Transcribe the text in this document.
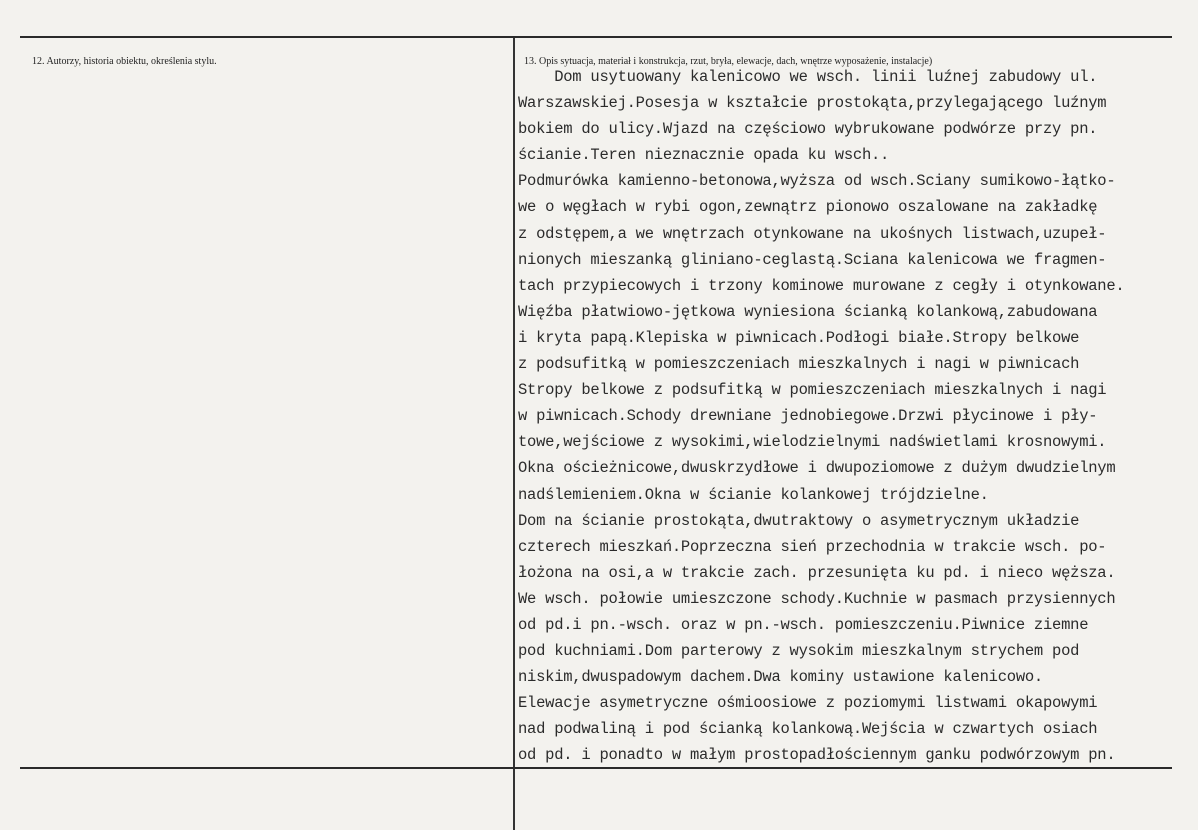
12. Autorzy, historia obiektu, określenia stylu.	13. Opis sytuacja, materiał i konstrukcja, rzut, bryła, elewacje, dach, wnętrze wyposażenie, instalacje)
Dom usytuowany kalenicowo we wsch. linii luźnej zabudowy ul.
Warszawskiej.Posesja w kształcie prostokąta,przylegającego luźnym
bokiem do ulicy.Wjazd na częściowo wybrukowane podwórze przy pn.
ścianie.Teren nieznacznie opada ku wsch..
Podmurówka kamienno-betonowa,wyższa od wsch.Sciany sumikowo-łątko-
we o węgłach w rybi ogon,zewnątrz pionowo oszalowane na zakładkę
z odstępem,a we wnętrzach otynkowane na ukośnych listwach,uzupeł-
nionych mieszanką gliniano-ceglastą.Sciana kalenicowa we fragmen-
tach przypiecowych i trzony kominowe murowane z cegły i otynkowane.
Więźba płatwiowo-jętkowa wyniesiona ścianką kolankową,zabudowana
i kryta papą.Klepiska w piwnicach.Podłogi białe.Stropy belkowe
z podsufitką w pomieszczeniach mieszkalnych i nagi w piwnicach
Stropy belkowe z podsufitką w pomieszczeniach mieszkalnych i nagi
w piwnicach.Schody drewniane jednobiegowe.Drzwi płycinowe i pły-
towe,wejściowe z wysokimi,wielodzielnymi nadświetlami krosnowymi.
Okna ościeżnicowe,dwuskrzydłowe i dwupoziomowe z dużym dwudzielnym
nadślemieniem.Okna w ścianie kolankowej trójdzielne.
Dom na ścianie prostokąta,dwutraktowy o asymetrycznym układzie
czterech mieszkań.Poprzeczna sień przechodnia w trakcie wsch. po-
łożona na osi,a w trakcie zach. przesunięta ku pd. i nieco węższa.
We wsch. połowie umieszczone schody.Kuchnie w pasmach przysiennych
od pd.i pn.-wsch. oraz w pn.-wsch. pomieszczeniu.Piwnice ziemne
pod kuchniami.Dom parterowy z wysokim mieszkalnym strychem pod
niskim,dwuspadowym dachem.Dwa kominy ustawione kalenicowo.
Elewacje asymetryczne ośmioosiowe z poziomymi listwami okapowymi
nad podwaliną i pod ścianką kolankową.Wejścia w czwartych osiach
od pd. i ponadto w małym prostopadłościennym ganku podwórzowym pn.
